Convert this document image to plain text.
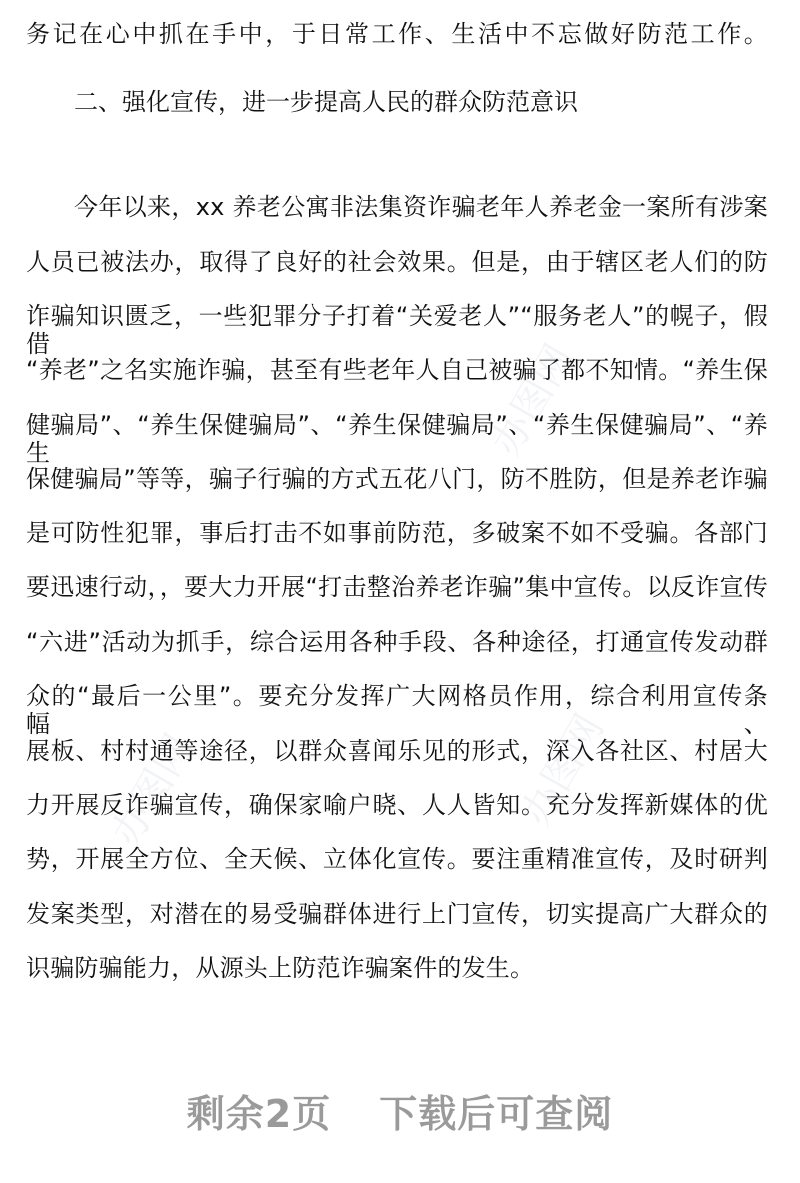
办图网
办图网
办图网
务记在心中抓在手中，于日常工作、生活中不忘做好防范工作。
二、强化宣传，进一步提高人民的群众防范意识
今年以来，xx 养老公寓非法集资诈骗老年人养老金一案所有涉案
人员已被法办，取得了良好的社会效果。但是，由于辖区老人们的防
诈骗知识匮乏，一些犯罪分子打着“关爱老人”“服务老人”的幌子，假借
“养老”之名实施诈骗，甚至有些老年人自己被骗了都不知情。“养生保
健骗局”、“养生保健骗局”、“养生保健骗局”、“养生保健骗局”、“养生
保健骗局”等等，骗子行骗的方式五花八门，防不胜防，但是养老诈骗
是可防性犯罪，事后打击不如事前防范，多破案不如不受骗。各部门
要迅速行动，，要大力开展“打击整治养老诈骗”集中宣传。以反诈宣传
“六进”活动为抓手，综合运用各种手段、各种途径，打通宣传发动群
众的“最后一公里”。要充分发挥广大网格员作用，综合利用宣传条幅、
展板、村村通等途径，以群众喜闻乐见的形式，深入各社区、村居大
力开展反诈骗宣传，确保家喻户晓、人人皆知。充分发挥新媒体的优
势，开展全方位、全天候、立体化宣传。要注重精准宣传，及时研判
发案类型，对潜在的易受骗群体进行上门宣传，切实提高广大群众的
识骗防骗能力，从源头上防范诈骗案件的发生。
剩余2页 下载后可查阅
